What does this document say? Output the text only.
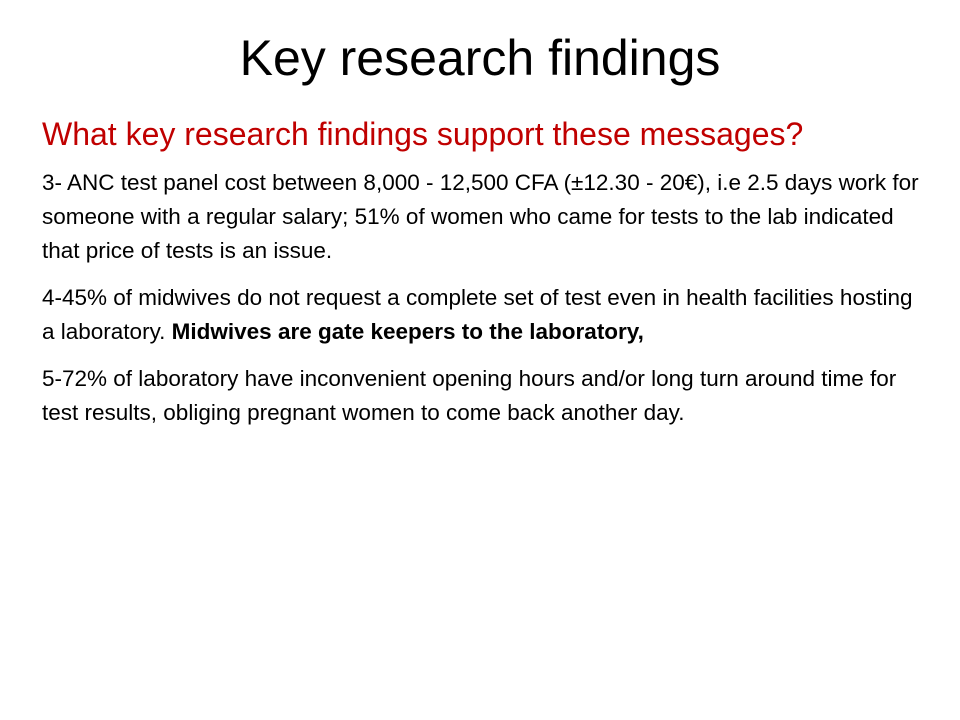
Key research findings

What key research findings support these messages?

3- ANC test panel cost between 8,000 - 12,500 CFA (±12.30 - 20€), i.e 2.5 days work for someone with a regular salary; 51% of women who came for tests to the lab indicated that price of tests is an issue.

4-45% of midwives do not request a complete set of test even in health facilities hosting a laboratory. Midwives are gate keepers to the laboratory,

5-72% of laboratory have inconvenient opening hours and/or long turn around time for test results, obliging pregnant women to come back another day.
